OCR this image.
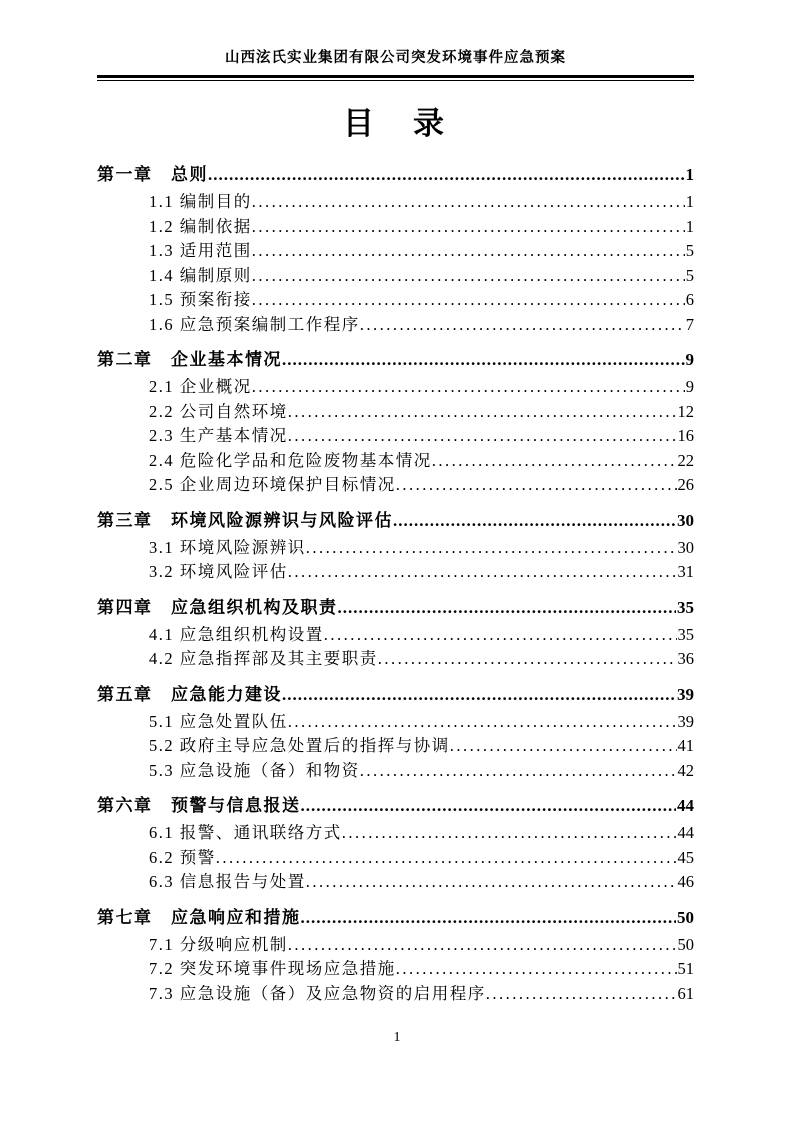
山西泫氏实业集团有限公司突发环境事件应急预案
目　录
第一章　总则 .....	1
1.1 编制目的 .....	1
1.2 编制依据 .....	1
1.3 适用范围 .....	5
1.4 编制原则 .....	5
1.5 预案衔接 .....	6
1.6 应急预案编制工作程序 .....	7
第二章　企业基本情况 .....	9
2.1 企业概况 .....	9
2.2 公司自然环境 .....	12
2.3 生产基本情况 .....	16
2.4 危险化学品和危险废物基本情况 .....	22
2.5 企业周边环境保护目标情况 .....	26
第三章　环境风险源辨识与风险评估 .....	30
3.1 环境风险源辨识 .....	30
3.2 环境风险评估 .....	31
第四章　应急组织机构及职责 .....	35
4.1 应急组织机构设置 .....	35
4.2 应急指挥部及其主要职责 .....	36
第五章　应急能力建设 .....	39
5.1 应急处置队伍 .....	39
5.2 政府主导应急处置后的指挥与协调 .....	41
5.3 应急设施（备）和物资 .....	42
第六章　预警与信息报送 .....	44
6.1 报警、通讯联络方式 .....	44
6.2 预警 .....	45
6.3 信息报告与处置 .....	46
第七章　应急响应和措施 .....	50
7.1 分级响应机制 .....	50
7.2 突发环境事件现场应急措施 .....	51
7.3 应急设施（备）及应急物资的启用程序 .....	61
1
